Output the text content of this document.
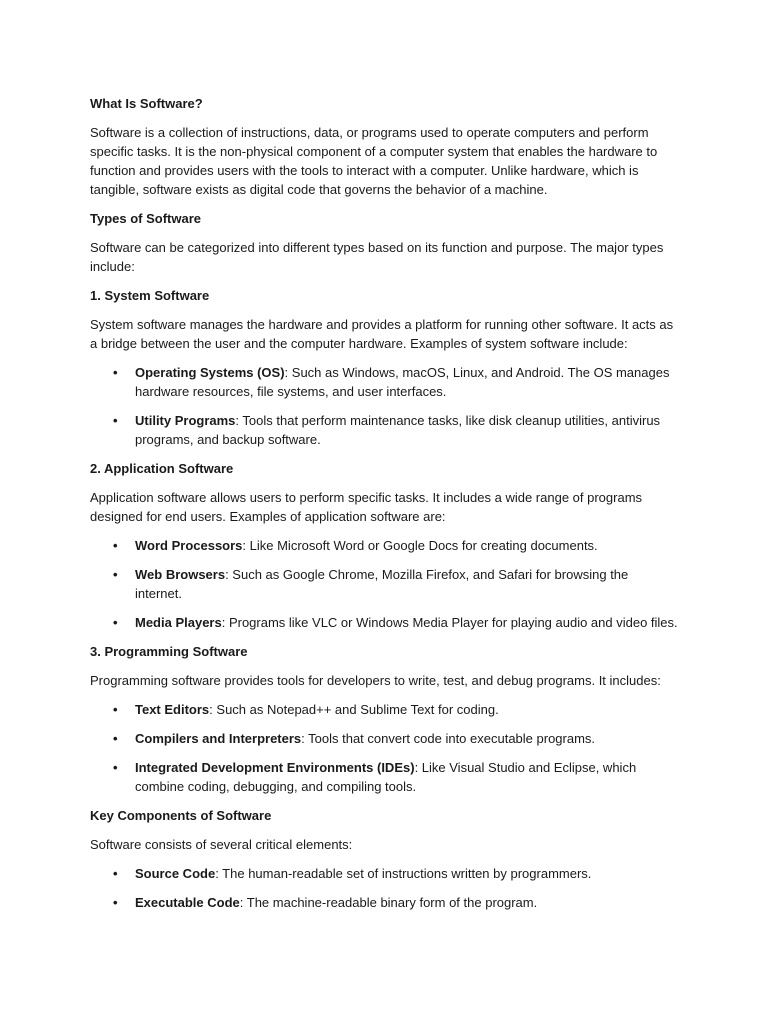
What Is Software?

Software is a collection of instructions, data, or programs used to operate computers and perform specific tasks. It is the non-physical component of a computer system that enables the hardware to function and provides users with the tools to interact with a computer. Unlike hardware, which is tangible, software exists as digital code that governs the behavior of a machine.

Types of Software

Software can be categorized into different types based on its function and purpose. The major types include:

1. System Software

System software manages the hardware and provides a platform for running other software. It acts as a bridge between the user and the computer hardware. Examples of system software include:

• Operating Systems (OS): Such as Windows, macOS, Linux, and Android. The OS manages hardware resources, file systems, and user interfaces.
• Utility Programs: Tools that perform maintenance tasks, like disk cleanup utilities, antivirus programs, and backup software.
2. Application Software

Application software allows users to perform specific tasks. It includes a wide range of programs designed for end users. Examples of application software are:

• Word Processors: Like Microsoft Word or Google Docs for creating documents.
• Web Browsers: Such as Google Chrome, Mozilla Firefox, and Safari for browsing the internet.
• Media Players: Programs like VLC or Windows Media Player for playing audio and video files.
3. Programming Software

Programming software provides tools for developers to write, test, and debug programs. It includes:

• Text Editors: Such as Notepad++ and Sublime Text for coding.
• Compilers and Interpreters: Tools that convert code into executable programs.
• Integrated Development Environments (IDEs): Like Visual Studio and Eclipse, which combine coding, debugging, and compiling tools.
Key Components of Software

Software consists of several critical elements:

• Source Code: The human-readable set of instructions written by programmers.
• Executable Code: The machine-readable binary form of the program.
